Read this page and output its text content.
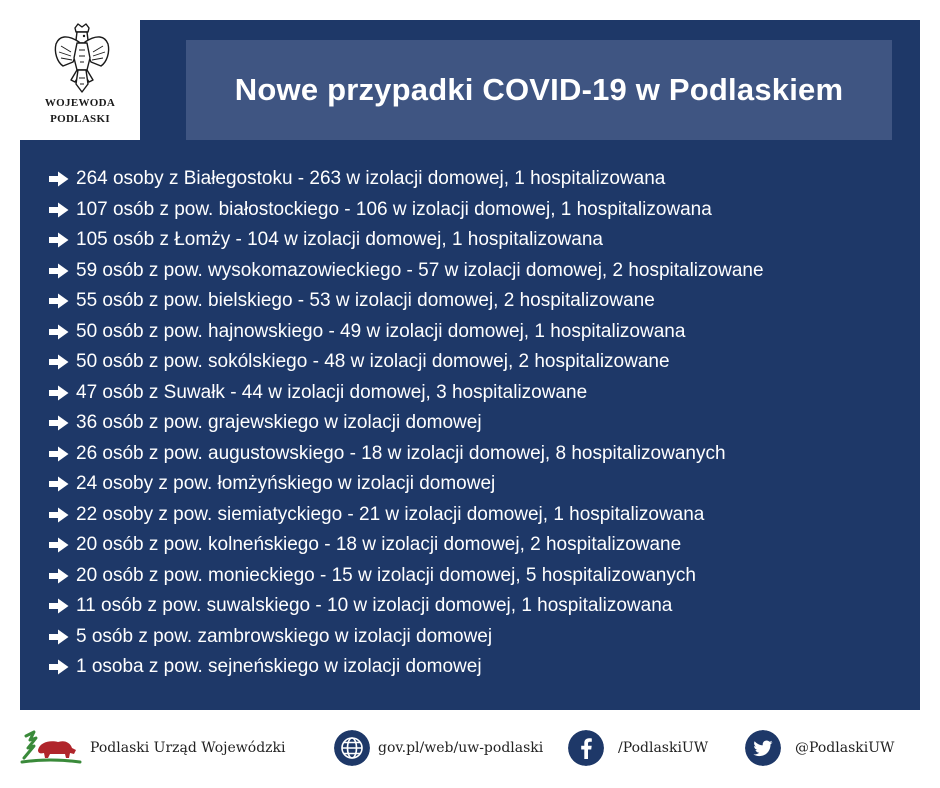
WOJEWODA
PODLASKI
Nowe przypadki COVID-19 w Podlaskiem
264 osoby z Białegostoku - 263 w izolacji domowej, 1 hospitalizowana
107 osób z pow. białostockiego - 106 w izolacji domowej, 1 hospitalizowana
105 osób z Łomży - 104 w izolacji domowej, 1 hospitalizowana
59 osób z pow. wysokomazowieckiego - 57 w izolacji domowej, 2 hospitalizowane
55 osób z pow. bielskiego - 53 w izolacji domowej, 2 hospitalizowane
50 osób z pow. hajnowskiego - 49 w izolacji domowej, 1 hospitalizowana
50 osób z pow. sokólskiego - 48 w izolacji domowej, 2 hospitalizowane
47 osób z Suwałk - 44 w izolacji domowej, 3 hospitalizowane
36 osób z pow. grajewskiego w izolacji domowej
26 osób z pow. augustowskiego - 18 w izolacji domowej, 8 hospitalizowanych
24 osoby z pow. łomżyńskiego w izolacji domowej
22 osoby z pow. siemiatyckiego - 21 w izolacji domowej, 1 hospitalizowana
20 osób z pow. kolneńskiego - 18 w izolacji domowej, 2 hospitalizowane
20 osób z pow. monieckiego - 15 w izolacji domowej, 5 hospitalizowanych
11 osób z pow. suwalskiego - 10 w izolacji domowej, 1 hospitalizowana
5 osób z pow. zambrowskiego w izolacji domowej
1 osoba z pow. sejneńskiego w izolacji domowej
Podlaski Urząd Wojewódzki	gov.pl/web/uw-podlaski	/PodlaskiUW	@PodlaskiUW
